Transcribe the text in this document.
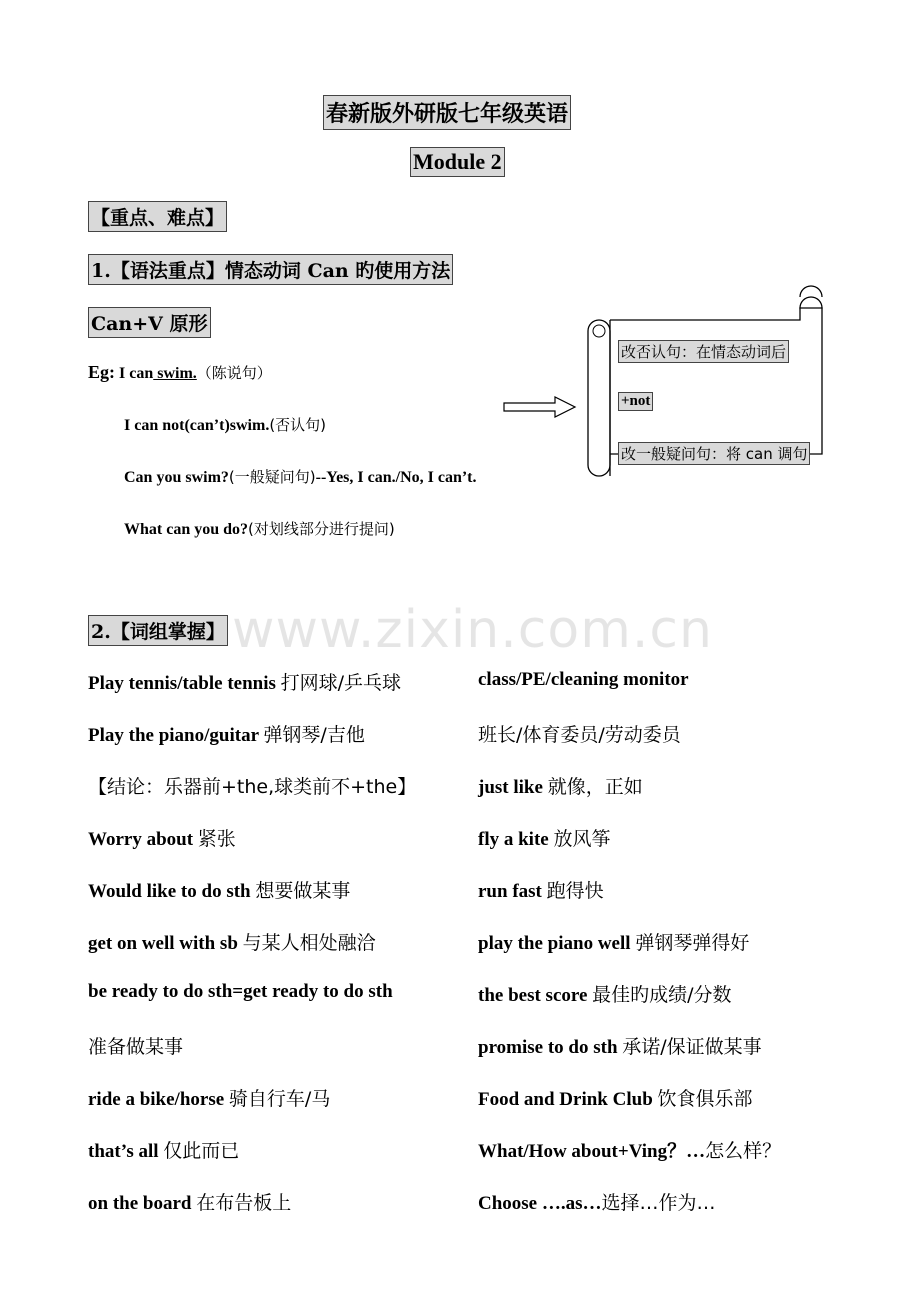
春新版外研版七年级英语
Module 2
【重点、难点】
1.【语法重点】情态动词 Can 旳使用方法
Can+V 原形
Eg: I can swim.（陈说句）
I can not(can’t)swim.(否认句)
Can you swim?(一般疑问句)--Yes, I can./No, I can’t.
What can you do?(对划线部分进行提问)
改否认句：在情态动词后
+not
改一般疑问句：将 can 调句
www.zixin.com.cn
2.【词组掌握】
Play tennis/table tennis 打网球/乒乓球
Play the piano/guitar 弹钢琴/吉他
【结论：乐器前+the,球类前不+the】
Worry about 紧张
Would like to do sth 想要做某事
get on well with sb 与某人相处融洽
be ready to do sth=get ready to do sth
准备做某事
ride a bike/horse 骑自行车/马
that’s all 仅此而已
on the board 在布告板上
class/PE/cleaning monitor
班长/体育委员/劳动委员
just like 就像，正如
fly a kite 放风筝
run fast 跑得快
play the piano well 弹钢琴弹得好
the best score 最佳旳成绩/分数
promise to do sth 承诺/保证做某事
Food and Drink Club 饮食俱乐部
What/How about+Ving？…怎么样？
Choose ….as…选择…作为…
